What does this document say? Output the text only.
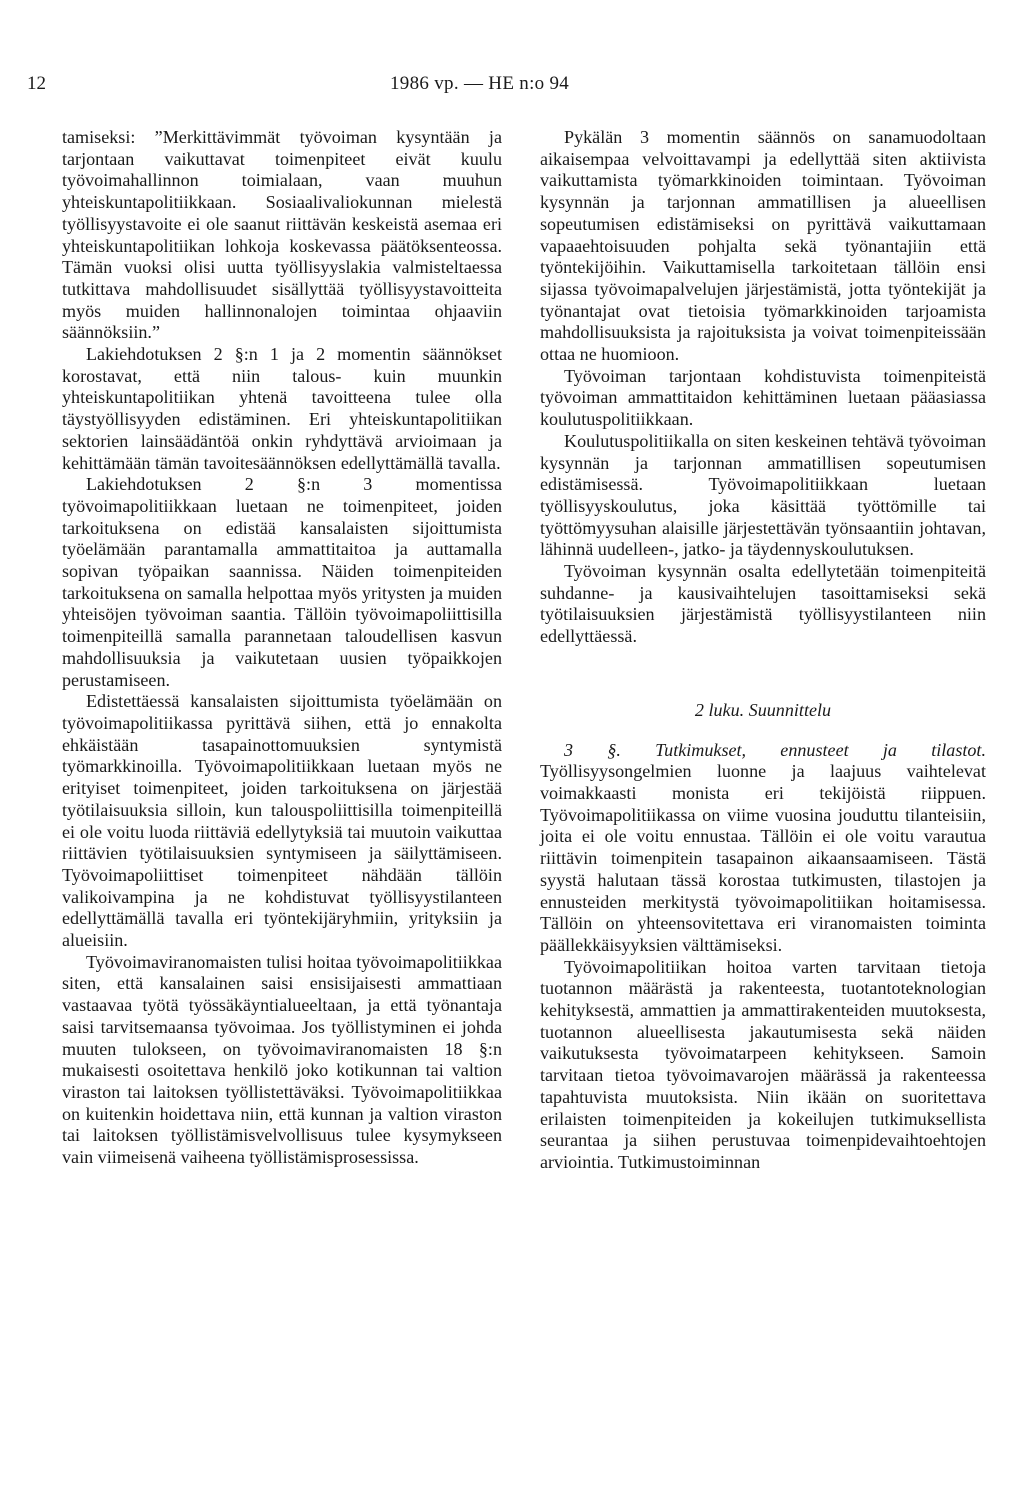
12	1986 vp. — HE n:o 94

tamiseksi: ”Merkittävimmät työvoiman kysyntään ja tarjontaan vaikuttavat toimenpiteet eivät kuulu työvoimahallinnon toimialaan, vaan muuhun yhteiskuntapolitiikkaan. Sosiaalivaliokunnan mielestä työllisyystavoite ei ole saanut riittävän keskeistä asemaa eri yhteiskuntapolitiikan lohkoja koskevassa päätöksenteossa. Tämän vuoksi olisi uutta työllisyyslakia valmisteltaessa tutkittava mahdollisuudet sisällyttää työllisyystavoitteita myös muiden hallinnonalojen toimintaa ohjaaviin säännöksiin.”

Lakiehdotuksen 2 §:n 1 ja 2 momentin säännökset korostavat, että niin talous- kuin muunkin yhteiskuntapolitiikan yhtenä tavoitteena tulee olla täystyöllisyyden edistäminen. Eri yhteiskuntapolitiikan sektorien lainsäädäntöä onkin ryhdyttävä arvioimaan ja kehittämään tämän tavoitesäännöksen edellyttämällä tavalla.

Lakiehdotuksen 2 §:n 3 momentissa työvoimapolitiikkaan luetaan ne toimenpiteet, joiden tarkoituksena on edistää kansalaisten sijoittumista työelämään parantamalla ammattitaitoa ja auttamalla sopivan työpaikan saannissa. Näiden toimenpiteiden tarkoituksena on samalla helpottaa myös yritysten ja muiden yhteisöjen työvoiman saantia. Tällöin työvoimapoliittisilla toimenpiteillä samalla parannetaan taloudellisen kasvun mahdollisuuksia ja vaikutetaan uusien työpaikkojen perustamiseen.

Edistettäessä kansalaisten sijoittumista työelämään on työvoimapolitiikassa pyrittävä siihen, että jo ennakolta ehkäistään tasapainottomuuksien syntymistä työmarkkinoilla. Työvoimapolitiikkaan luetaan myös ne erityiset toimenpiteet, joiden tarkoituksena on järjestää työtilaisuuksia silloin, kun talouspoliittisilla toimenpiteillä ei ole voitu luoda riittäviä edellytyksiä tai muutoin vaikuttaa riittävien työtilaisuuksien syntymiseen ja säilyttämiseen. Työvoimapoliittiset toimenpiteet nähdään tällöin valikoivampina ja ne kohdistuvat työllisyystilanteen edellyttämällä tavalla eri työntekijäryhmiin, yrityksiin ja alueisiin.

Työvoimaviranomaisten tulisi hoitaa työvoimapolitiikkaa siten, että kansalainen saisi ensisijaisesti ammattiaan vastaavaa työtä työssäkäyntialueeltaan, ja että työnantaja saisi tarvitsemaansa työvoimaa. Jos työllistyminen ei johda muuten tulokseen, on työvoimaviranomaisten 18 §:n mukaisesti osoitettava henkilö joko kotikunnan tai valtion viraston tai laitoksen työllistettäväksi. Työvoimapolitiikkaa on kuitenkin hoidettava niin, että kunnan ja valtion viraston tai laitoksen työllistämisvelvollisuus tulee kysymykseen vain viimeisenä vaiheena työllistämisprosessissa.

Pykälän 3 momentin säännös on sanamuodoltaan aikaisempaa velvoittavampi ja edellyttää siten aktiivista vaikuttamista työmarkkinoiden toimintaan. Työvoiman kysynnän ja tarjonnan ammatillisen ja alueellisen sopeutumisen edistämiseksi on pyrittävä vaikuttamaan vapaaehtoisuuden pohjalta sekä työnantajiin että työntekijöihin. Vaikuttamisella tarkoitetaan tällöin ensi sijassa työvoimapalvelujen järjestämistä, jotta työntekijät ja työnantajat ovat tietoisia työmarkkinoiden tarjoamista mahdollisuuksista ja rajoituksista ja voivat toimenpiteissään ottaa ne huomioon.

Työvoiman tarjontaan kohdistuvista toimenpiteistä työvoiman ammattitaidon kehittäminen luetaan pääasiassa koulutuspolitiikkaan.

Koulutuspolitiikalla on siten keskeinen tehtävä työvoiman kysynnän ja tarjonnan ammatillisen sopeutumisen edistämisessä. Työvoimapolitiikkaan luetaan työllisyyskoulutus, joka käsittää työttömille tai työttömyysuhan alaisille järjestettävän työnsaantiin johtavan, lähinnä uudelleen-, jatko- ja täydennyskoulutuksen.

Työvoiman kysynnän osalta edellytetään toimenpiteitä suhdanne- ja kausivaihtelujen tasoittamiseksi sekä työtilaisuuksien järjestämistä työllisyystilanteen niin edellyttäessä.

2 luku. Suunnittelu

3 §. Tutkimukset, ennusteet ja tilastot. Työllisyysongelmien luonne ja laajuus vaihtelevat voimakkaasti monista eri tekijöistä riippuen. Työvoimapolitiikassa on viime vuosina jouduttu tilanteisiin, joita ei ole voitu ennustaa. Tällöin ei ole voitu varautua riittävin toimenpitein tasapainon aikaansaamiseen. Tästä syystä halutaan tässä korostaa tutkimusten, tilastojen ja ennusteiden merkitystä työvoimapolitiikan hoitamisessa. Tällöin on yhteensovitettava eri viranomaisten toiminta päällekkäisyyksien välttämiseksi.

Työvoimapolitiikan hoitoa varten tarvitaan tietoja tuotannon määrästä ja rakenteesta, tuotantoteknologian kehityksestä, ammattien ja ammattirakenteiden muutoksesta, tuotannon alueellisesta jakautumisesta sekä näiden vaikutuksesta työvoimatarpeen kehitykseen. Samoin tarvitaan tietoa työvoimavarojen määrässä ja rakenteessa tapahtuvista muutoksista. Niin ikään on suoritettava erilaisten toimenpiteiden ja kokeilujen tutkimuksellista seurantaa ja siihen perustuvaa toimenpidevaihtoehtojen arviointia. Tutkimustoiminnan
